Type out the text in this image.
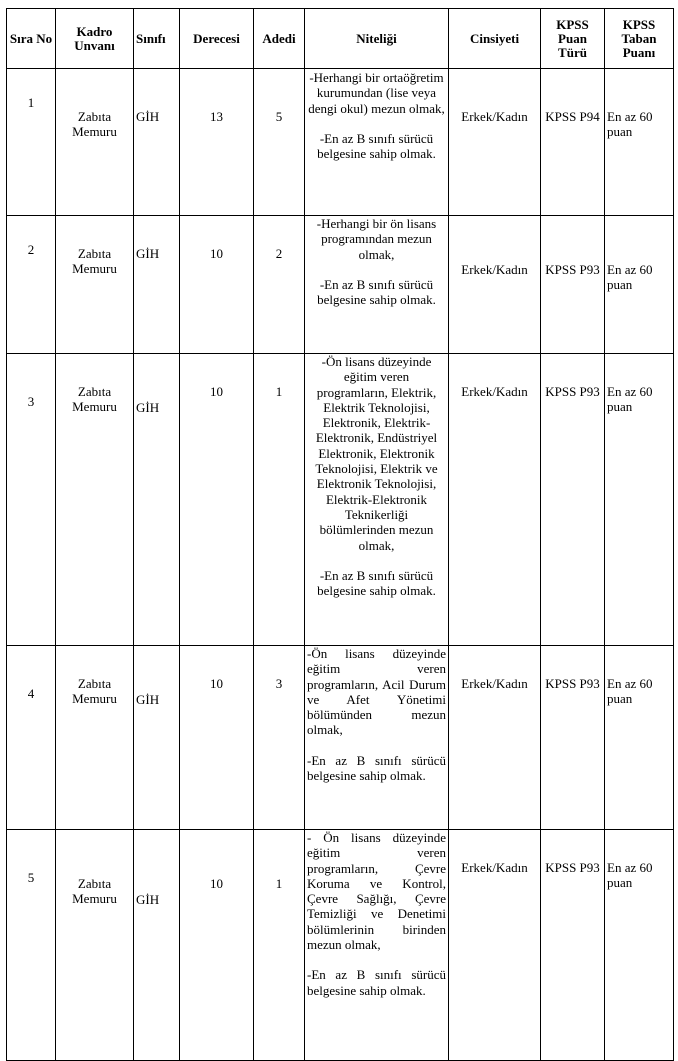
Sıra No	Kadro Unvanı	Sınıfı	Derecesi	Adedi	Niteliği	Cinsiyeti	KPSS Puan Türü	KPSS Taban Puanı
1	Zabıta Memuru	GİH	13	5	-Herhangi bir ortaöğretim kurumundan (lise veya dengi okul) mezun olmak,
-En az B sınıfı sürücü belgesine sahip olmak.	Erkek/Kadın	KPSS P94	En az 60 puan
2	Zabıta Memuru	GİH	10	2	-Herhangi bir ön lisans programından mezun olmak,
-En az B sınıfı sürücü belgesine sahip olmak.	Erkek/Kadın	KPSS P93	En az 60 puan
3	Zabıta Memuru	GİH	10	1	-Ön lisans düzeyinde eğitim veren programların, Elektrik, Elektrik Teknolojisi, Elektronik, Elektrik-Elektronik, Endüstriyel Elektronik, Elektronik Teknolojisi, Elektrik ve Elektronik Teknolojisi, Elektrik-Elektronik Teknikerliği bölümlerinden mezun olmak,
-En az B sınıfı sürücü belgesine sahip olmak.	Erkek/Kadın	KPSS P93	En az 60 puan
4	Zabıta Memuru	GİH	10	3	-Ön lisans düzeyinde eğitim veren programların, Acil Durum ve Afet Yönetimi bölümünden mezun olmak,
-En az B sınıfı sürücü belgesine sahip olmak.	Erkek/Kadın	KPSS P93	En az 60 puan
5	Zabıta Memuru	GİH	10	1	- Ön lisans düzeyinde eğitim veren programların, Çevre Koruma ve Kontrol, Çevre Sağlığı, Çevre Temizliği ve Denetimi bölümlerinin birinden mezun olmak,
-En az B sınıfı sürücü belgesine sahip olmak.	Erkek/Kadın	KPSS P93	En az 60 puan
